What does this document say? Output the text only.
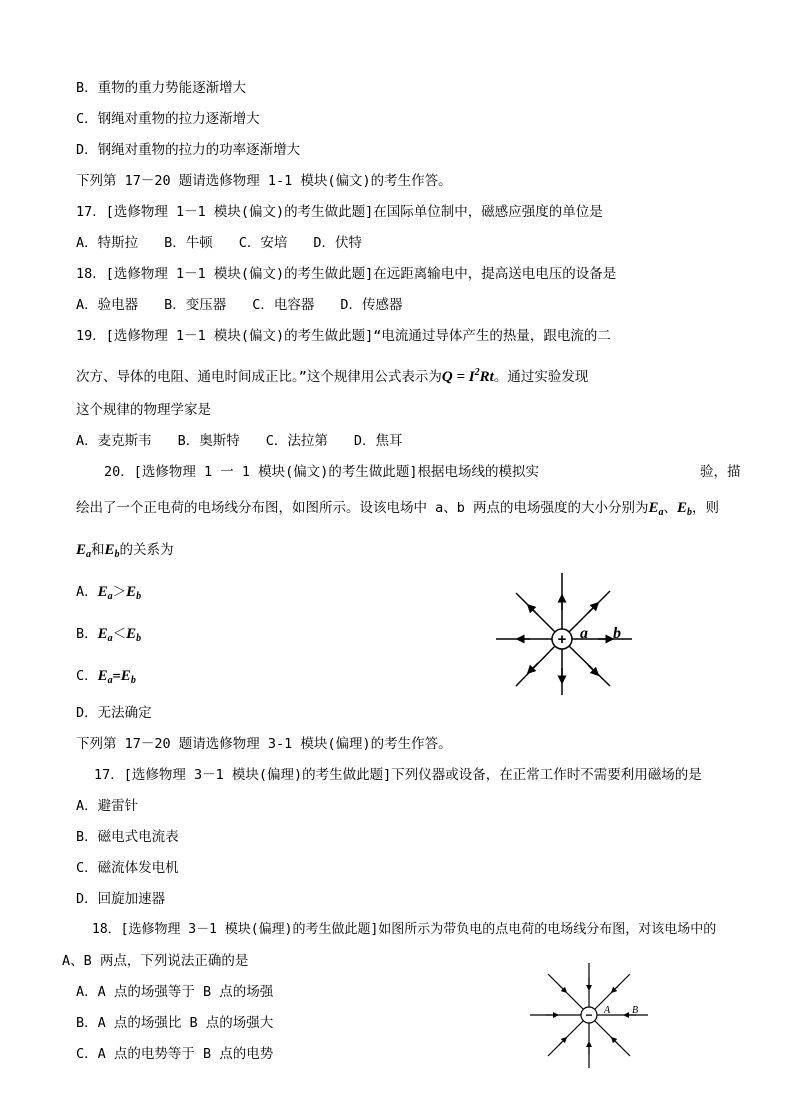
B．重物的重力势能逐渐增大
C．钢绳对重物的拉力逐渐增大
D．钢绳对重物的拉力的功率逐渐增大
下列第 17－20 题请选修物理 1-1 模块(偏文)的考生作答。
17．[选修物理 1－1 模块(偏文)的考生做此题]在国际单位制中，磁感应强度的单位是
A．特斯拉 B．牛顿 C．安培 D．伏特
18．[选修物理 1－1 模块(偏文)的考生做此题]在远距离输电中，提高送电电压的设备是
A．验电器 B．变压器 C．电容器 D．传感器
19．[选修物理 1－1 模块(偏文)的考生做此题]“电流通过导体产生的热量，跟电流的二
次方、导体的电阻、通电时间成正比。”这个规律用公式表示为$Q = I^2Rt$。通过实验发现
这个规律的物理学家是
A．麦克斯韦 B．奥斯特 C．法拉第 D．焦耳
20．[选修物理 1 一 1 模块(偏文)的考生做此题]根据电场线的模拟实	验，描
绘出了一个正电荷的电场线分布图，如图所示。设该电场中 a、b 两点的电场强度的大小分别为$E_a$、$E_b$，则
$E_a$和$E_b$的关系为
A．$E_a>E_b$
B．$E_a<E_b$
C．$E_a=E_b$
D．无法确定
+ a b
下列第 17－20 题请选修物理 3-1 模块(偏理)的考生作答。
17．[选修物理 3－1 模块(偏理)的考生做此题]下列仪器或设备，在正常工作时不需要利用磁场的是
A．避雷针
B．磁电式电流表
C．磁流体发电机
D．回旋加速器
18．[选修物理 3－1 模块(偏理)的考生做此题]如图所示为带负电的点电荷的电场线分布图，对该电场中的
A、B 两点，下列说法正确的是
A．A 点的场强等于 B 点的场强
B．A 点的场强比 B 点的场强大
C．A 点的电势等于 B 点的电势
− A B
